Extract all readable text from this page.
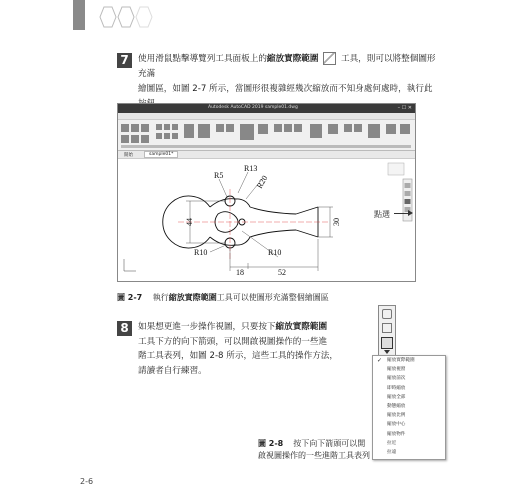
7	使用滑鼠點擊導覽列工具面板上的縮放實際範圍	工具，則可以將整個圖形充滿
繪圖區，如圖 2-7 所示，當圖形很複雜經幾次縮放而不知身處何處時，執行此
Autodesk AutoCAD 2019 sample01.dwg	– ☐ ✕
開始	sample01*
R5
R13
R20
44	30
R10	R10
18	52
點選
圖 2-7 執行縮放實際範圍工具可以使圖形充滿整個繪圖區
8	如果想更進一步操作視圖，只要按下縮放實際範圍
工具下方的向下箭頭，可以開啟視圖操作的一些進
階工具表列，如圖 2-8 所示，這些工具的操作方法，
請讀者自行練習。
✓ 縮放實際範圍
縮放視窗
縮放前次
即時縮放
縮放全部
動態縮放
縮放比例
縮放中心
縮放物件
拉近
拉遠
圖 2-8 按下向下箭頭可以開
啟視圖操作的一些進階工具表列
2-6
